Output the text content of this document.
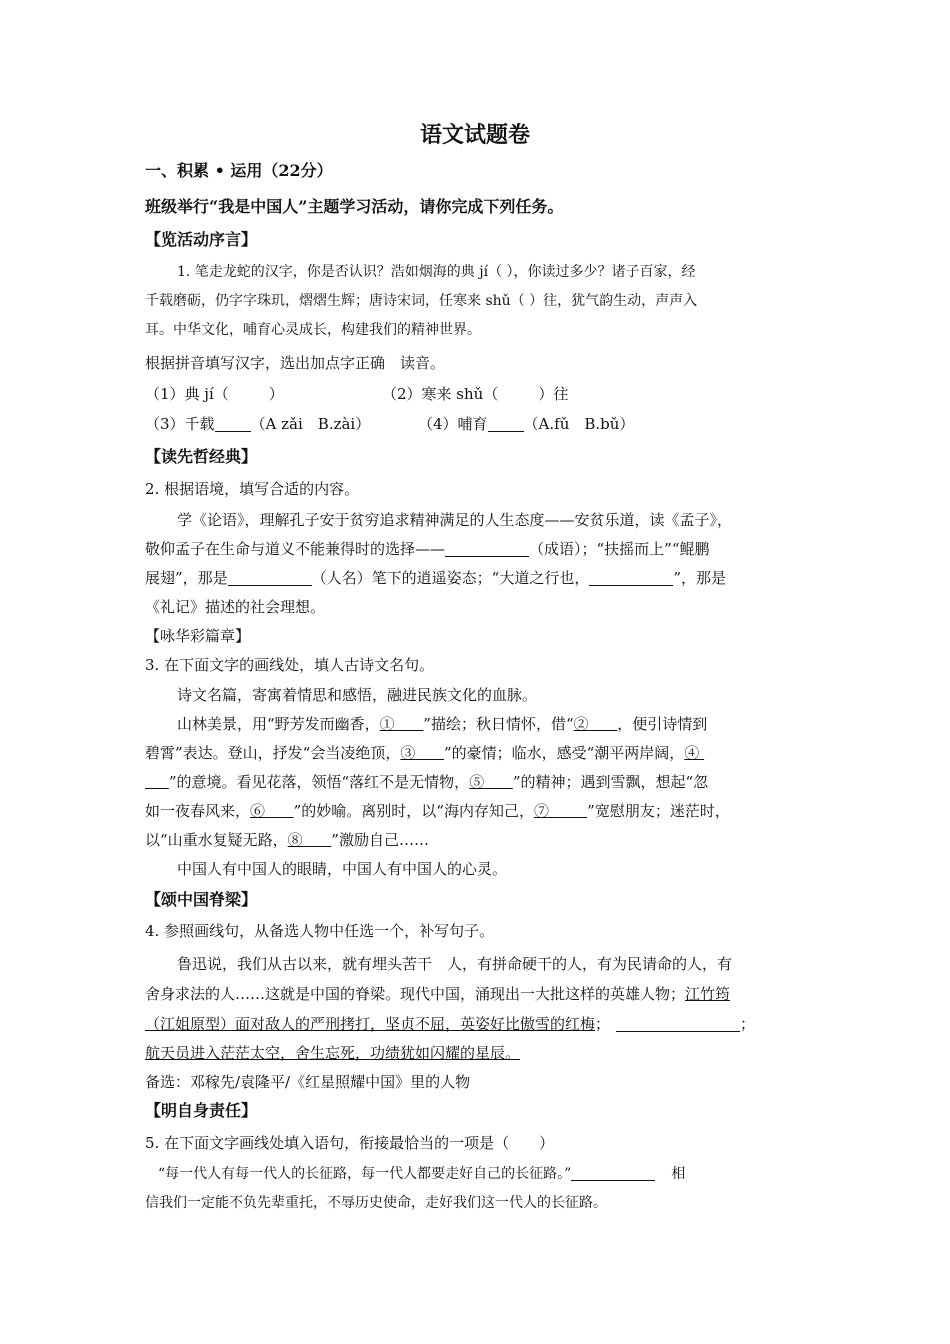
语文试题卷
一、积累 • 运用（22分）
班级举行“我是中国人”主题学习活动，请你完成下列任务。
【览活动序言】
1. 笔走龙蛇的汉字，你是否认识？浩如烟海的典 jí（ ），你读过多少？诸子百家，经
千载磨砺，仍字字珠玑，熠熠生辉；唐诗宋词，任寒来 shǔ（ ）往，犹气韵生动，声声入
耳。中华文化，哺育心灵成长，构建我们的精神世界。
根据拼音填写汉字，选出加点字正确　读音。
（1）典 jí（	）	（2）寒来 shǔ（	）往
（3）千载 （A zǎi　B.zài）	（4）哺育 （A.fǔ　B.bǔ）
【读先哲经典】
2. 根据语境，填写合适的内容。
学《论语》，理解孔子安于贫穷追求精神满足的人生态度——安贫乐道，读《孟子》，
敬仰孟子在生命与道义不能兼得时的选择——	（成语）；“扶摇而上”“鲲鹏
展翅”，那是	（人名）笔下的逍遥姿态；“大道之行也，	”，那是
《礼记》描述的社会理想。
【咏华彩篇章】
3. 在下面文字的画线处，填人古诗文名句。
诗文名篇，寄寓着情思和感悟，融进民族文化的血脉。
山林美景，用“野芳发而幽香，① ”描绘；秋日情怀，借“② ，便引诗情到
碧霄”表达。登山，抒发“会当凌绝顶，③ ”的豪情；临水，感受“潮平两岸阔，④
”的意境。看见花落，领悟“落红不是无情物，⑤ ”的精神；遇到雪飘，想起“忽
如一夜春风来，⑥ ”的妙喻。离别时，以“海内存知己，⑦	”宽慰朋友；迷茫时，
以“山重水复疑无路，⑧ ”激励自己……
中国人有中国人的眼睛，中国人有中国人的心灵。
【颂中国脊梁】
4. 参照画线句，从备选人物中任选一个，补写句子。
鲁迅说，我们从古以来，就有埋头苦干　人，有拼命硬干的人，有为民请命的人，有
舍身求法的人……这就是中国的脊梁。现代中国，涌现出一大批这样的英雄人物；江竹筠
（江姐原型）面对敌人的严刑拷打，坚贞不屈，英姿好比傲雪的红梅；	；
航天员进入茫茫太空，舍生忘死，功绩犹如闪耀的星辰。
备选：邓稼先/袁隆平/《红星照耀中国》里的人物
【明自身责任】
5. 在下面文字画线处填入语句，衔接最恰当的一项是（　　）
“每一代人有每一代人的长征路，每一代人都要走好自己的长征路。”	相
信我们一定能不负先辈重托，不辱历史使命，走好我们这一代人的长征路。
